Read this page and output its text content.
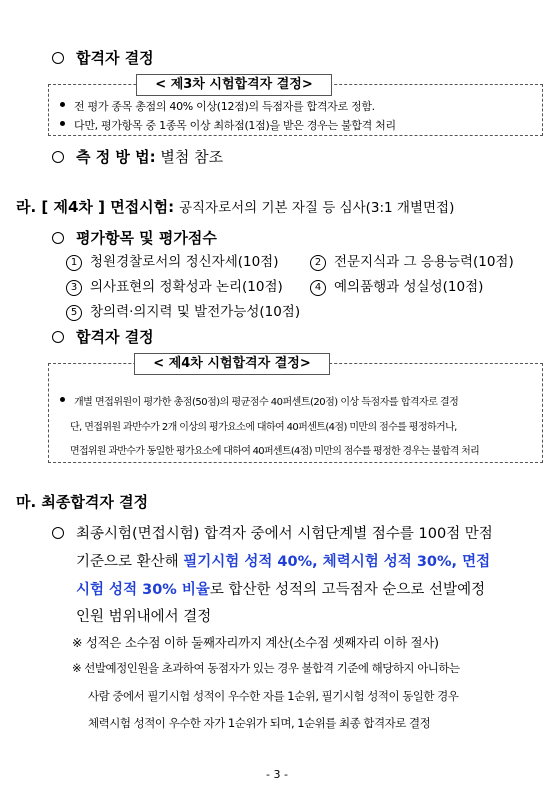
합격자 결정
< 제3차 시험합격자 결정>
전 평가 종목 총점의 40% 이상(12점)의 득점자를 합격자로 정함.
다만, 평가항목 중 1종목 이상 최하점(1점)을 받은 경우는 불합격 처리
측 정 방 법: 별첨 참조
라. [ 제4차 ] 면접시험: 공직자로서의 기본 자질 등 심사(3:1 개별면접)
평가항목 및 평가점수
1 청원경찰로서의 정신자세(10점)	2 전문지식과 그 응용능력(10점)
3 의사표현의 정확성과 논리(10점)	4 예의품행과 성실성(10점)
5 창의력·의지력 및 발전가능성(10점)
합격자 결정
< 제4차 시험합격자 결정>
개별 면접위원이 평가한 총점(50점)의 평균점수 40퍼센트(20점) 이상 득점자를 합격자로 결정
단, 면접위원 과반수가 2개 이상의 평가요소에 대하여 40퍼센트(4점) 미만의 점수를 평정하거나,
면접위원 과반수가 동일한 평가요소에 대하여 40퍼센트(4점) 미만의 점수를 평정한 경우는 불합격 처리
마. 최종합격자 결정
최종시험(면접시험) 합격자 중에서 시험단계별 점수를 100점 만점
기준으로 환산해 필기시험 성적 40%, 체력시험 성적 30%, 면접
시험 성적 30% 비율로 합산한 성적의 고득점자 순으로 선발예정
인원 범위내에서 결정
※ 성적은 소수점 이하 둘째자리까지 계산(소수점 셋째자리 이하 절사)
※ 선발예정인원을 초과하여 동점자가 있는 경우 불합격 기준에 해당하지 아니하는
사람 중에서 필기시험 성적이 우수한 자를 1순위, 필기시험 성적이 동일한 경우
체력시험 성적이 우수한 자가 1순위가 되며, 1순위를 최종 합격자로 결정
- 3 -
